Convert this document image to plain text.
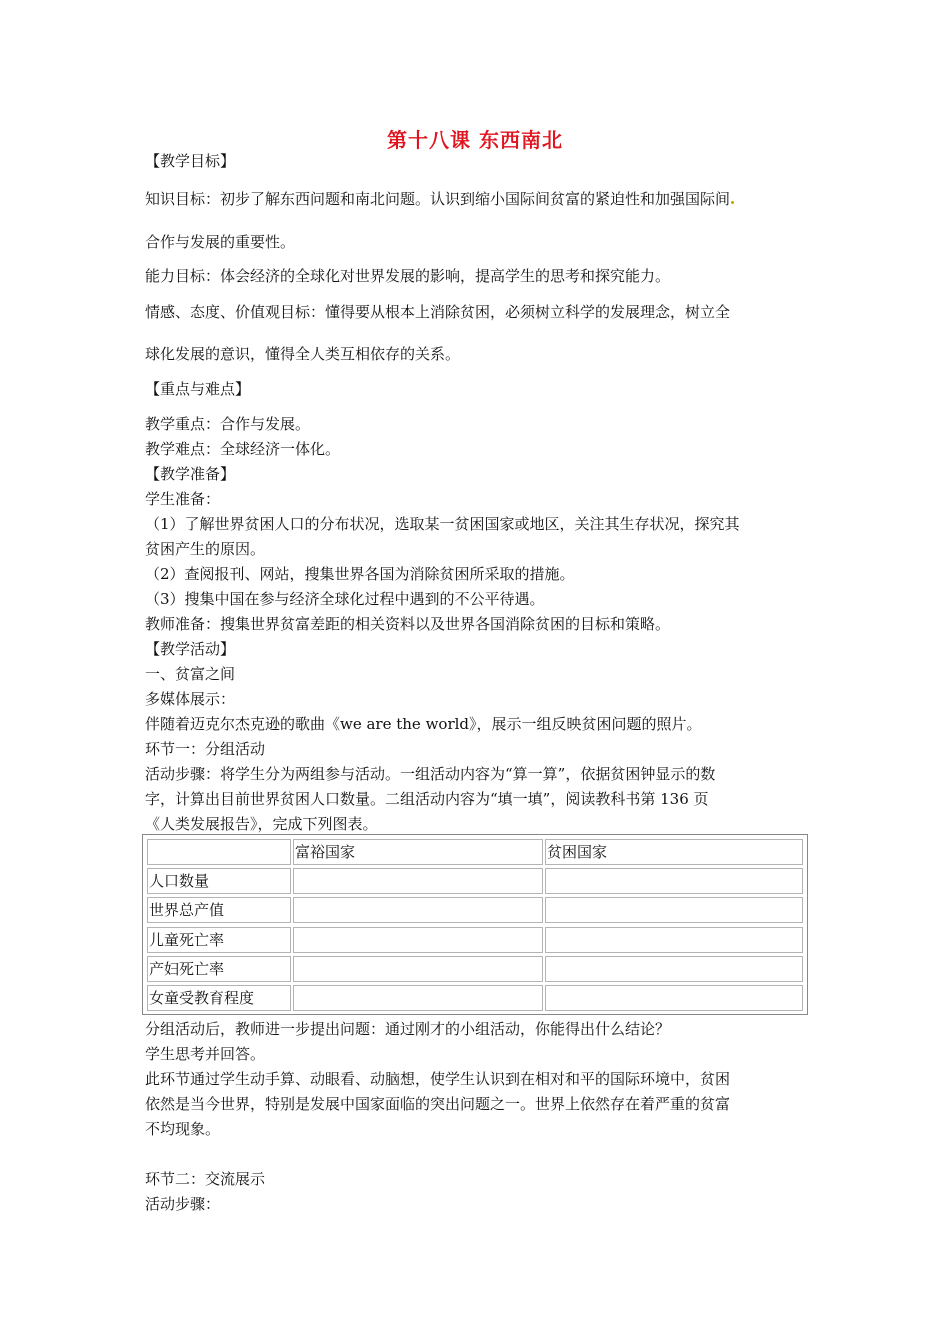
第十八课 东西南北
【教学目标】
知识目标：初步了解东西问题和南北问题。认识到缩小国际间贫富的紧迫性和加强国际间
合作与发展的重要性。
能力目标：体会经济的全球化对世界发展的影响，提高学生的思考和探究能力。
情感、态度、价值观目标：懂得要从根本上消除贫困，必须树立科学的发展理念，树立全
球化发展的意识，懂得全人类互相依存的关系。
【重点与难点】
教学重点：合作与发展。
教学难点：全球经济一体化。
【教学准备】
学生准备：
（1）了解世界贫困人口的分布状况，选取某一贫困国家或地区，关注其生存状况，探究其
贫困产生的原因。
（2）查阅报刊、网站，搜集世界各国为消除贫困所采取的措施。
（3）搜集中国在参与经济全球化过程中遇到的不公平待遇。
教师准备：搜集世界贫富差距的相关资料以及世界各国消除贫困的目标和策略。
【教学活动】
一、贫富之间
多媒体展示：
伴随着迈克尔杰克逊的歌曲《we are the world》，展示一组反映贫困问题的照片。
环节一：分组活动
活动步骤：将学生分为两组参与活动。一组活动内容为“算一算”，依据贫困钟显示的数
字，计算出目前世界贫困人口数量。二组活动内容为“填一填”，阅读教科书第 136 页
《人类发展报告》，完成下列图表。
富裕国家	贫困国家
人口数量
世界总产值
儿童死亡率
产妇死亡率
女童受教育程度
分组活动后，教师进一步提出问题：通过刚才的小组活动，你能得出什么结论？
学生思考并回答。
此环节通过学生动手算、动眼看、动脑想，使学生认识到在相对和平的国际环境中，贫困
依然是当今世界，特别是发展中国家面临的突出问题之一。世界上依然存在着严重的贫富
不均现象。
环节二：交流展示
活动步骤：
